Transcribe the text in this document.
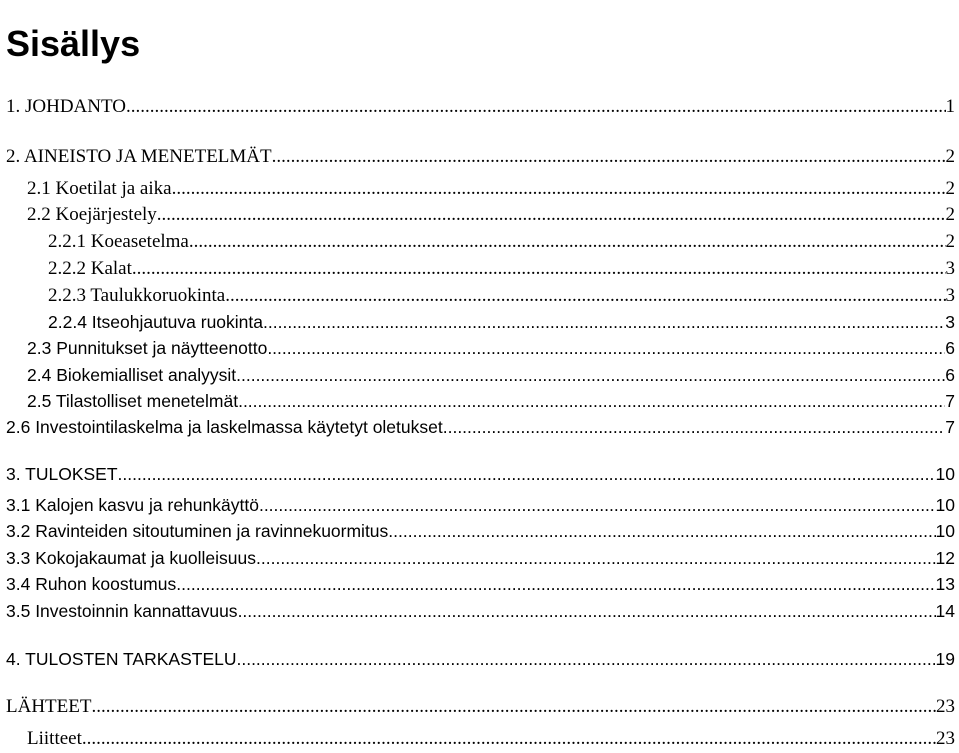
Sisällys
1. JOHDANTO .....	1
2. AINEISTO JA MENETELMÄT .....	2
2.1 Koetilat ja aika .....	2
2.2 Koejärjestely .....	2
2.2.1 Koeasetelma .....	2
2.2.2 Kalat .....	3
2.2.3 Taulukkoruokinta .....	3
2.2.4 Itseohjautuva ruokinta .....	3
2.3 Punnitukset ja näytteenotto .....	6
2.4 Biokemialliset analyysit .....	6
2.5 Tilastolliset menetelmät .....	7
2.6 Investointilaskelma ja laskelmassa käytetyt oletukset .....	7
3. TULOKSET .....	10
3.1 Kalojen kasvu ja rehunkäyttö .....	10
3.2 Ravinteiden sitoutuminen ja ravinnekuormitus .....	10
3.3 Kokojakaumat ja kuolleisuus .....	12
3.4 Ruhon koostumus .....	13
3.5 Investoinnin kannattavuus .....	14
4. TULOSTEN TARKASTELU .....	19
LÄHTEET .....	23
Liitteet .....	23
